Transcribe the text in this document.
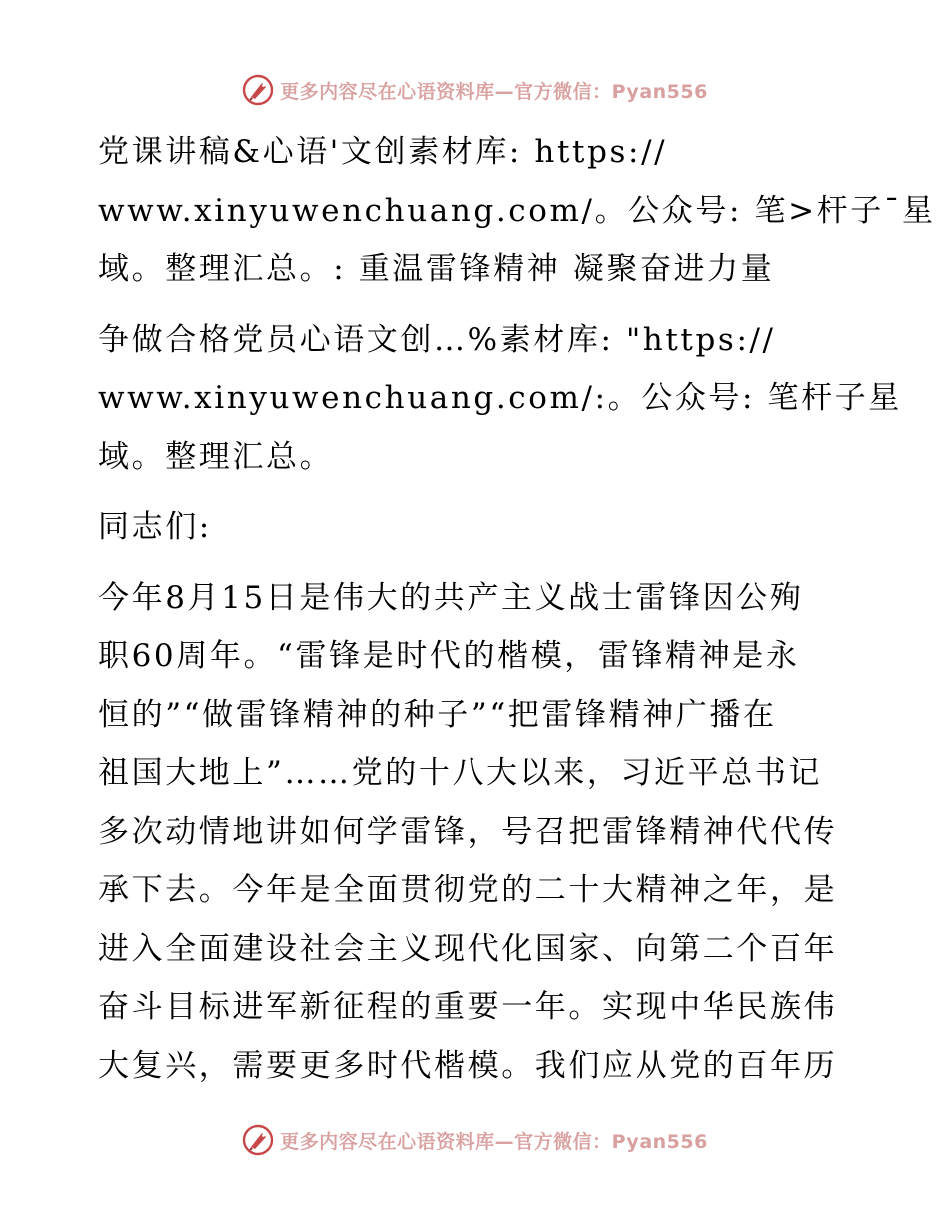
更多内容尽在心语资料库—官方微信：Pyan556

党课讲稿&心语'文创素材库: https://
www.xinyuwenchuang.com/。公众号: 笔>杆子¯星
域。整理汇总。: 重温雷锋精神 凝聚奋进力量

争做合格党员心语文创…%素材库: "https://
www.xinyuwenchuang.com/:。公众号: 笔杆子星
域。整理汇总。

同志们:

今年8月15日是伟大的共产主义战士雷锋因公殉
职60周年。“雷锋是时代的楷模，雷锋精神是永
恒的”“做雷锋精神的种子”“把雷锋精神广播在
祖国大地上”……党的十八大以来，习近平总书记
多次动情地讲如何学雷锋，号召把雷锋精神代代传
承下去。今年是全面贯彻党的二十大精神之年，是
进入全面建设社会主义现代化国家、向第二个百年
奋斗目标进军新征程的重要一年。实现中华民族伟
大复兴，需要更多时代楷模。我们应从党的百年历

更多内容尽在心语资料库—官方微信：Pyan556
